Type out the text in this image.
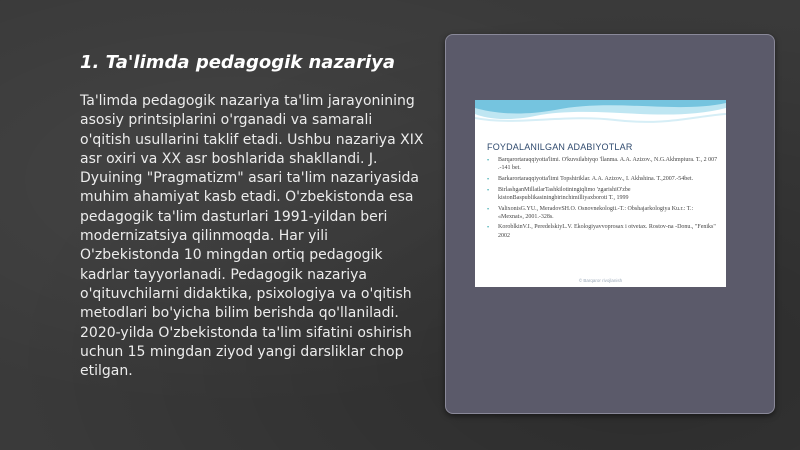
1. Ta'limda pedagogik nazariya

Ta'limda pedagogik nazariya ta'lim jarayonining asosiy printsiplarini o'rganadi va samarali o'qitish usullarini taklif etadi. Ushbu nazariya XIX asr oxiri va XX asr boshlarida shakllandi. J. Dyuining "Pragmatizm" asari ta'lim nazariyasida muhim ahamiyat kasb etadi. O'zbekistonda esa pedagogik ta'lim dasturlari 1991-yildan beri modernizatsiya qilinmoqda. Har yili O'zbekistonda 10 mingdan ortiq pedagogik kadrlar tayyorlanadi. Pedagogik nazariya o'qituvchilarni didaktika, psixologiya va o'qitish metodlari bo'yicha bilim berishda qo'llaniladi. 2020-yilda O'zbekistonda ta'lim sifatini oshirish uchun 15 mingdan ziyod yangi darsliklar chop etilgan.

FOYDALANILGAN ADABIYOTLAR
• Barqarortaraqqiyotta'limi. O'kuvsilabiyqo 'llanma. A.A. Azizov., N.G.Akhmpiura. T., 2 007 .-141 bet.
• Barkarortaraqqiyotta'limi Topshiriklar. A.A. Azizov., I. Akhshina. T.,2007.-54bet.
• BirlashganMillatlarTashkilotiningiqlimo 'zgarishiO'zbe kistonBaspublikasiningbirinchimilliyaxboroti T., 1999
• ValixonisG.YU., MeradovSH.O. Osnovnekologii.-T.: Obshajarkologiya Ku.r.: T.: «Mexnat», 2001.-328s.
• KoroblkinV.I., PeredelskiyL.V. Ekologiyavvoprosax i otvetax. Rostov-na -Donu., "Feniks" 2002
© Barqaror rivojlanish
